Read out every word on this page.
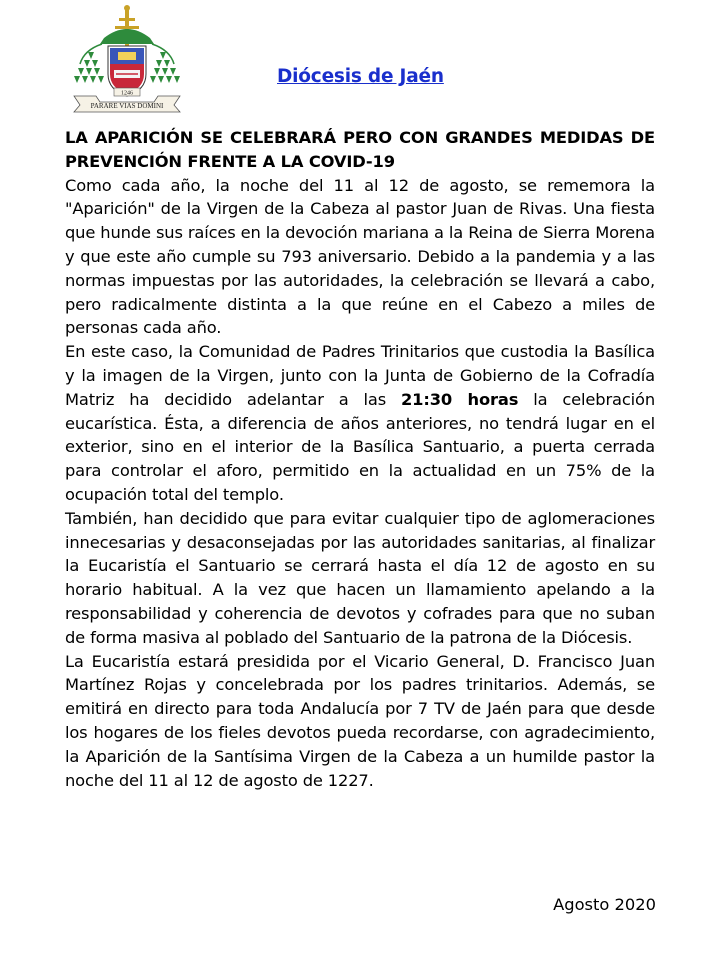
PARARE VIAS DOMINI
1246
Diócesis de Jaén

LA APARICIÓN SE CELEBRARÁ PERO CON GRANDES MEDIDAS DE PREVENCIÓN FRENTE A LA COVID-19

Como cada año, la noche del 11 al 12 de agosto, se rememora la "Aparición" de la Virgen de la Cabeza al pastor Juan de Rivas. Una fiesta que hunde sus raíces en la devoción mariana a la Reina de Sierra Morena y que este año cumple su 793 aniversario. Debido a la pandemia y a las normas impuestas por las autoridades, la celebración se llevará a cabo, pero radicalmente distinta a la que reúne en el Cabezo a miles de personas cada año.

En este caso, la Comunidad de Padres Trinitarios que custodia la Basílica y la imagen de la Virgen, junto con la Junta de Gobierno de la Cofradía Matriz ha decidido adelantar a las 21:30 horas la celebración eucarística. Ésta, a diferencia de años anteriores, no tendrá lugar en el exterior, sino en el interior de la Basílica Santuario, a puerta cerrada para controlar el aforo, permitido en la actualidad en un 75% de la ocupación total del templo.

También, han decidido que para evitar cualquier tipo de aglomeraciones innecesarias y desaconsejadas por las autoridades sanitarias, al finalizar la Eucaristía el Santuario se cerrará hasta el día 12 de agosto en su horario habitual. A la vez que hacen un llamamiento apelando a la responsabilidad y coherencia de devotos y cofrades para que no suban de forma masiva al poblado del Santuario de la patrona de la Diócesis.

La Eucaristía estará presidida por el Vicario General, D. Francisco Juan Martínez Rojas y concelebrada por los padres trinitarios. Además, se emitirá en directo para toda Andalucía por 7 TV de Jaén para que desde los hogares de los fieles devotos pueda recordarse, con agradecimiento, la Aparición de la Santísima Virgen de la Cabeza a un humilde pastor la noche del 11 al 12 de agosto de 1227.

Agosto 2020
